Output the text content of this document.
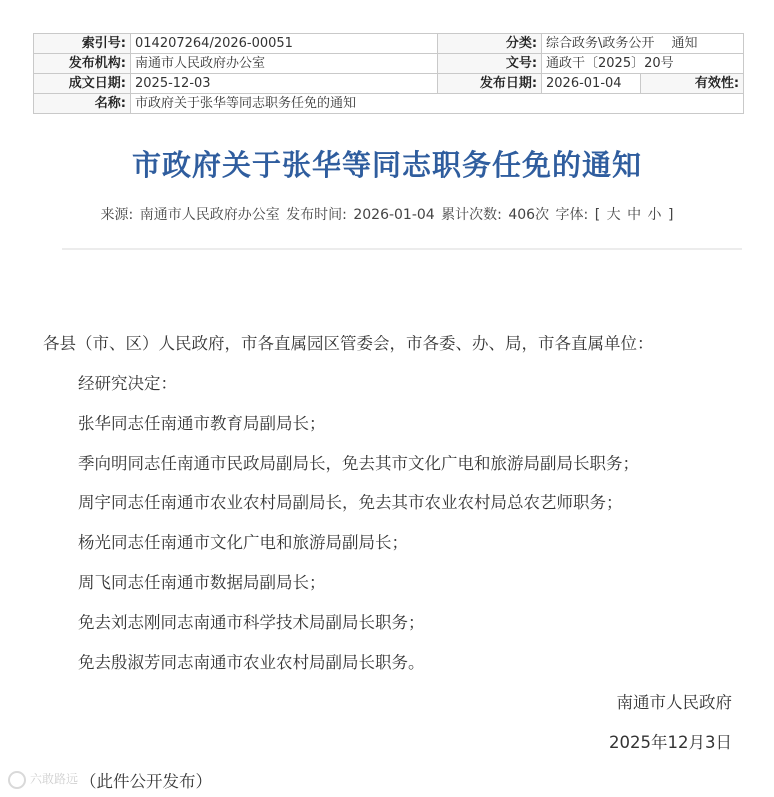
索引号:	014207264/2026-00051	分类:	综合政务\政务公开　 通知		
发布机构:	南通市人民政府办公室	文号:	通政干〔2025〕20号		
成文日期:	2025-12-03	发布日期:	2026-01-04	有效性:	
名称:	市政府关于张华等同志职务任免的通知				
市政府关于张华等同志职务任免的通知
来源: 南通市人民政府办公室 发布时间: 2026-01-04 累计次数: 406次 字体: [ 大 中 小 ]
各县（市、区）人民政府，市各直属园区管委会，市各委、办、局，市各直属单位：
经研究决定：
张华同志任南通市教育局副局长；
季向明同志任南通市民政局副局长，免去其市文化广电和旅游局副局长职务；
周宇同志任南通市农业农村局副局长，免去其市农业农村局总农艺师职务；
杨光同志任南通市文化广电和旅游局副局长；
周飞同志任南通市数据局副局长；
免去刘志刚同志南通市科学技术局副局长职务；
免去殷淑芳同志南通市农业农村局副局长职务。
南通市人民政府
2025年12月3日
（此件公开发布）
六敢路远
